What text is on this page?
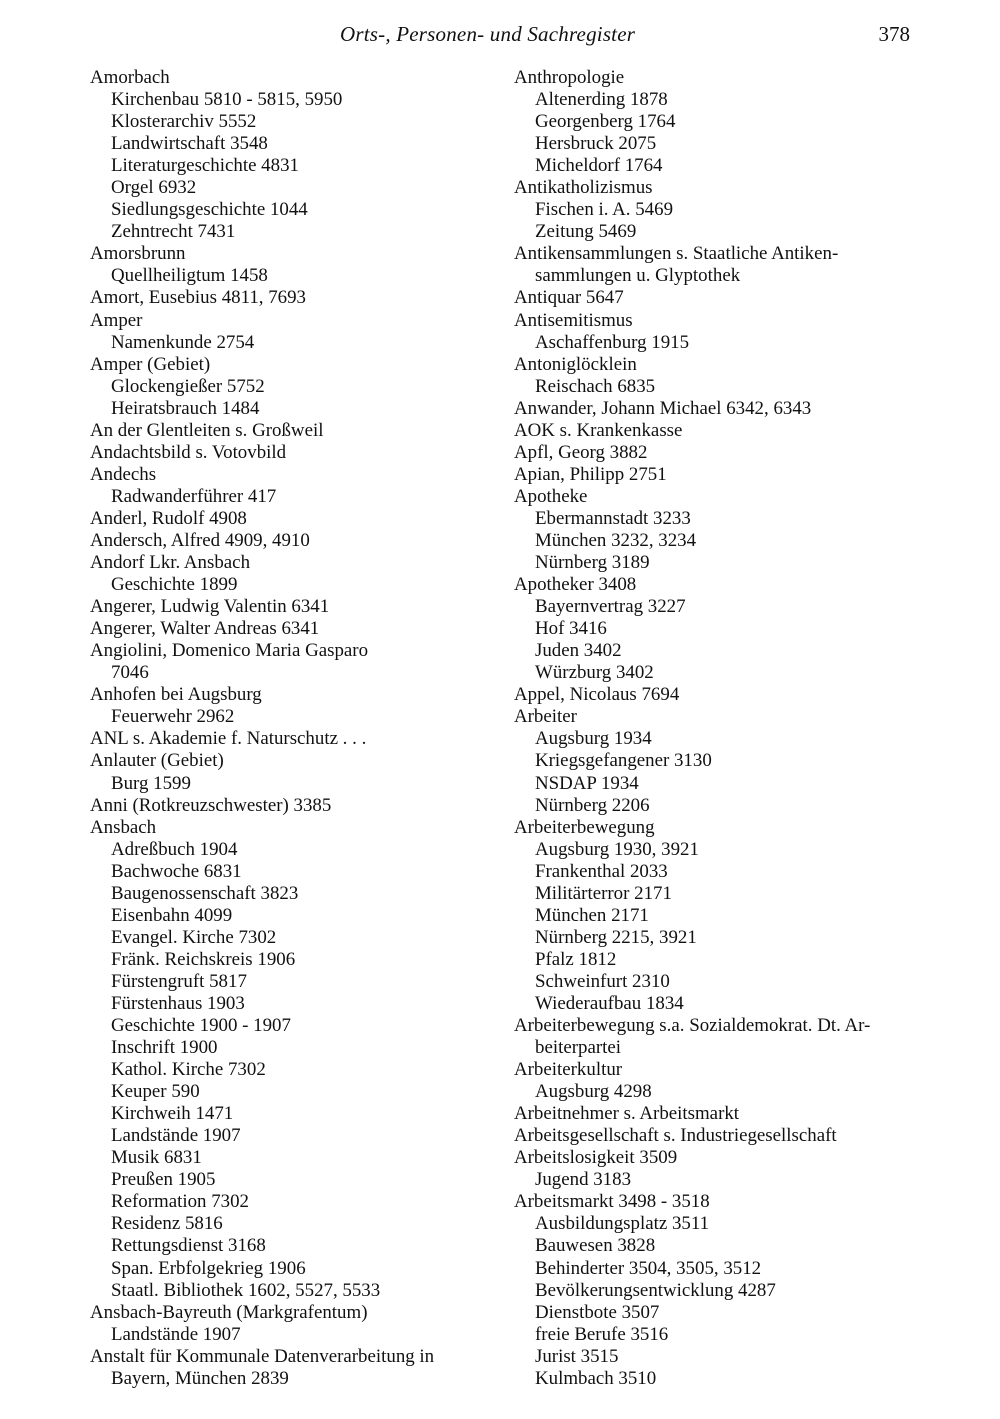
Orts-, Personen- und Sachregister	378
Amorbach
Kirchenbau 5810 - 5815, 5950
Klosterarchiv 5552
Landwirtschaft 3548
Literaturgeschichte 4831
Orgel 6932
Siedlungsgeschichte 1044
Zehntrecht 7431
Amorsbrunn
Quellheiligtum 1458
Amort, Eusebius 4811, 7693
Amper
Namenkunde 2754
Amper (Gebiet)
Glockengießer 5752
Heiratsbrauch 1484
An der Glentleiten s. Großweil
Andachtsbild s. Votovbild
Andechs
Radwanderführer 417
Anderl, Rudolf 4908
Andersch, Alfred 4909, 4910
Andorf Lkr. Ansbach
Geschichte 1899
Angerer, Ludwig Valentin 6341
Angerer, Walter Andreas 6341
Angiolini, Domenico Maria Gasparo
7046
Anhofen bei Augsburg
Feuerwehr 2962
ANL s. Akademie f. Naturschutz . . .
Anlauter (Gebiet)
Burg 1599
Anni (Rotkreuzschwester) 3385
Ansbach
Adreßbuch 1904
Bachwoche 6831
Baugenossenschaft 3823
Eisenbahn 4099
Evangel. Kirche 7302
Fränk. Reichskreis 1906
Fürstengruft 5817
Fürstenhaus 1903
Geschichte 1900 - 1907
Inschrift 1900
Kathol. Kirche 7302
Keuper 590
Kirchweih 1471
Landstände 1907
Musik 6831
Preußen 1905
Reformation 7302
Residenz 5816
Rettungsdienst 3168
Span. Erbfolgekrieg 1906
Staatl. Bibliothek 1602, 5527, 5533
Ansbach-Bayreuth (Markgrafentum)
Landstände 1907
Anstalt für Kommunale Datenverarbeitung in
Bayern, München 2839
Anthropologie
Altenerding 1878
Georgenberg 1764
Hersbruck 2075
Micheldorf 1764
Antikatholizismus
Fischen i. A. 5469
Zeitung 5469
Antikensammlungen s. Staatliche Antiken-
sammlungen u. Glyptothek
Antiquar 5647
Antisemitismus
Aschaffenburg 1915
Antoniglöcklein
Reischach 6835
Anwander, Johann Michael 6342, 6343
AOK s. Krankenkasse
Apfl, Georg 3882
Apian, Philipp 2751
Apotheke
Ebermannstadt 3233
München 3232, 3234
Nürnberg 3189
Apotheker 3408
Bayernvertrag 3227
Hof 3416
Juden 3402
Würzburg 3402
Appel, Nicolaus 7694
Arbeiter
Augsburg 1934
Kriegsgefangener 3130
NSDAP 1934
Nürnberg 2206
Arbeiterbewegung
Augsburg 1930, 3921
Frankenthal 2033
Militärterror 2171
München 2171
Nürnberg 2215, 3921
Pfalz 1812
Schweinfurt 2310
Wiederaufbau 1834
Arbeiterbewegung s.a. Sozialdemokrat. Dt. Ar-
beiterpartei
Arbeiterkultur
Augsburg 4298
Arbeitnehmer s. Arbeitsmarkt
Arbeitsgesellschaft s. Industriegesellschaft
Arbeitslosigkeit 3509
Jugend 3183
Arbeitsmarkt 3498 - 3518
Ausbildungsplatz 3511
Bauwesen 3828
Behinderter 3504, 3505, 3512
Bevölkerungsentwicklung 4287
Dienstbote 3507
freie Berufe 3516
Jurist 3515
Kulmbach 3510
